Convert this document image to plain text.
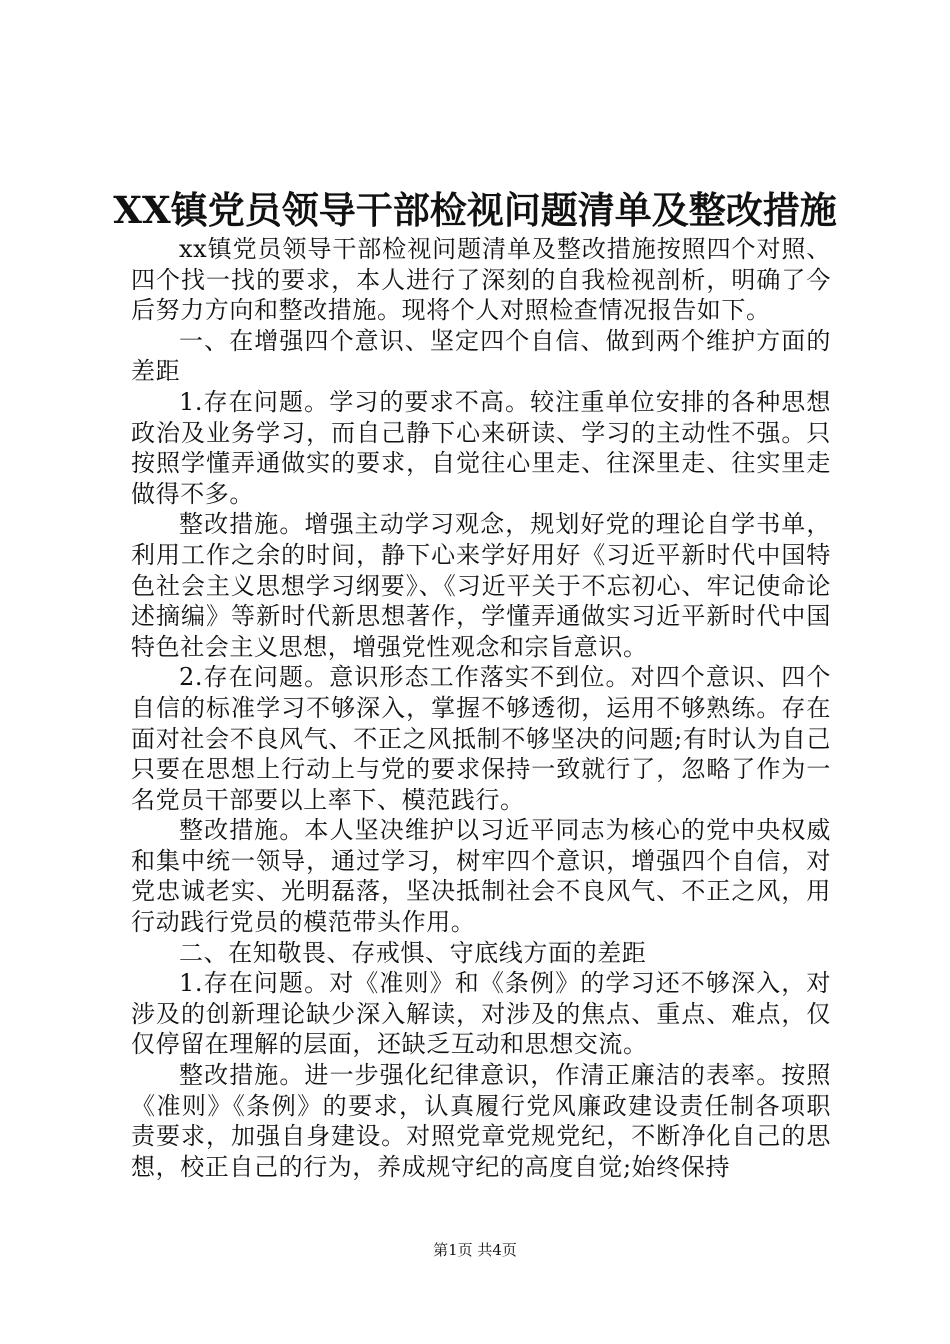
XX镇党员领导干部检视问题清单及整改措施

xx镇党员领导干部检视问题清单及整改措施按照四个对照、四个找一找的要求，本人进行了深刻的自我检视剖析，明确了今后努力方向和整改措施。现将个人对照检查情况报告如下。

一、在增强四个意识、坚定四个自信、做到两个维护方面的差距

1.存在问题。学习的要求不高。较注重单位安排的各种思想政治及业务学习，而自己静下心来研读、学习的主动性不强。只按照学懂弄通做实的要求，自觉往心里走、往深里走、往实里走做得不多。

整改措施。增强主动学习观念，规划好党的理论自学书单，利用工作之余的时间，静下心来学好用好《习近平新时代中国特色社会主义思想学习纲要》、《习近平关于不忘初心、牢记使命论述摘编》等新时代新思想著作，学懂弄通做实习近平新时代中国特色社会主义思想，增强党性观念和宗旨意识。

2.存在问题。意识形态工作落实不到位。对四个意识、四个自信的标准学习不够深入，掌握不够透彻，运用不够熟练。存在面对社会不良风气、不正之风抵制不够坚决的问题;有时认为自己只要在思想上行动上与党的要求保持一致就行了，忽略了作为一名党员干部要以上率下、模范践行。

整改措施。本人坚决维护以习近平同志为核心的党中央权威和集中统一领导，通过学习，树牢四个意识，增强四个自信，对党忠诚老实、光明磊落，坚决抵制社会不良风气、不正之风，用行动践行党员的模范带头作用。

二、在知敬畏、存戒惧、守底线方面的差距

1.存在问题。对《准则》和《条例》的学习还不够深入，对涉及的创新理论缺少深入解读，对涉及的焦点、重点、难点，仅仅停留在理解的层面，还缺乏互动和思想交流。

整改措施。进一步强化纪律意识，作清正廉洁的表率。按照《准则》《条例》的要求，认真履行党风廉政建设责任制各项职责要求，加强自身建设。对照党章党规党纪，不断净化自己的思想，校正自己的行为，养成规守纪的高度自觉;始终保持

第1页 共4页
